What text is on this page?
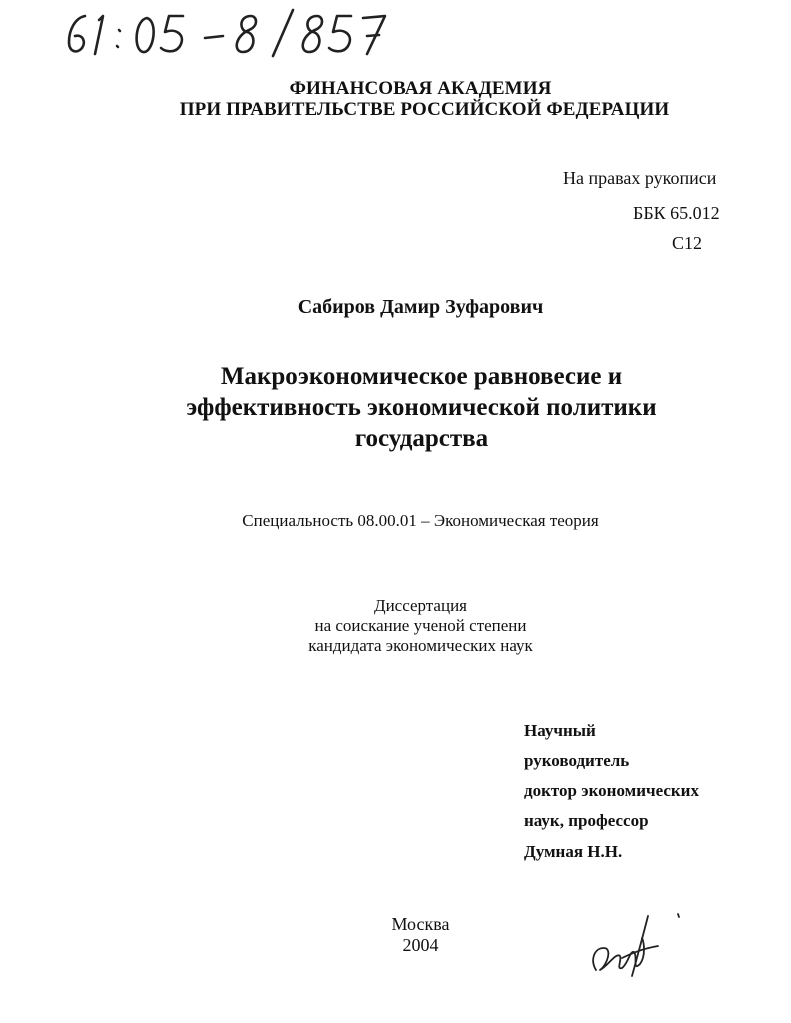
ФИНАНСОВАЯ АКАДЕМИЯ
ПРИ ПРАВИТЕЛЬСТВЕ РОССИЙСКОЙ ФЕДЕРАЦИИ
На правах рукописи
ББК 65.012
С12
Сабиров Дамир Зуфарович
Макроэкономическое равновесие и
эффективность экономической политики
государства
Специальность 08.00.01 – Экономическая теория
Диссертация
на соискание ученой степени
кандидата экономических наук
Научный
руководитель
доктор экономических
наук, профессор
Думная Н.Н.
Москва
2004
